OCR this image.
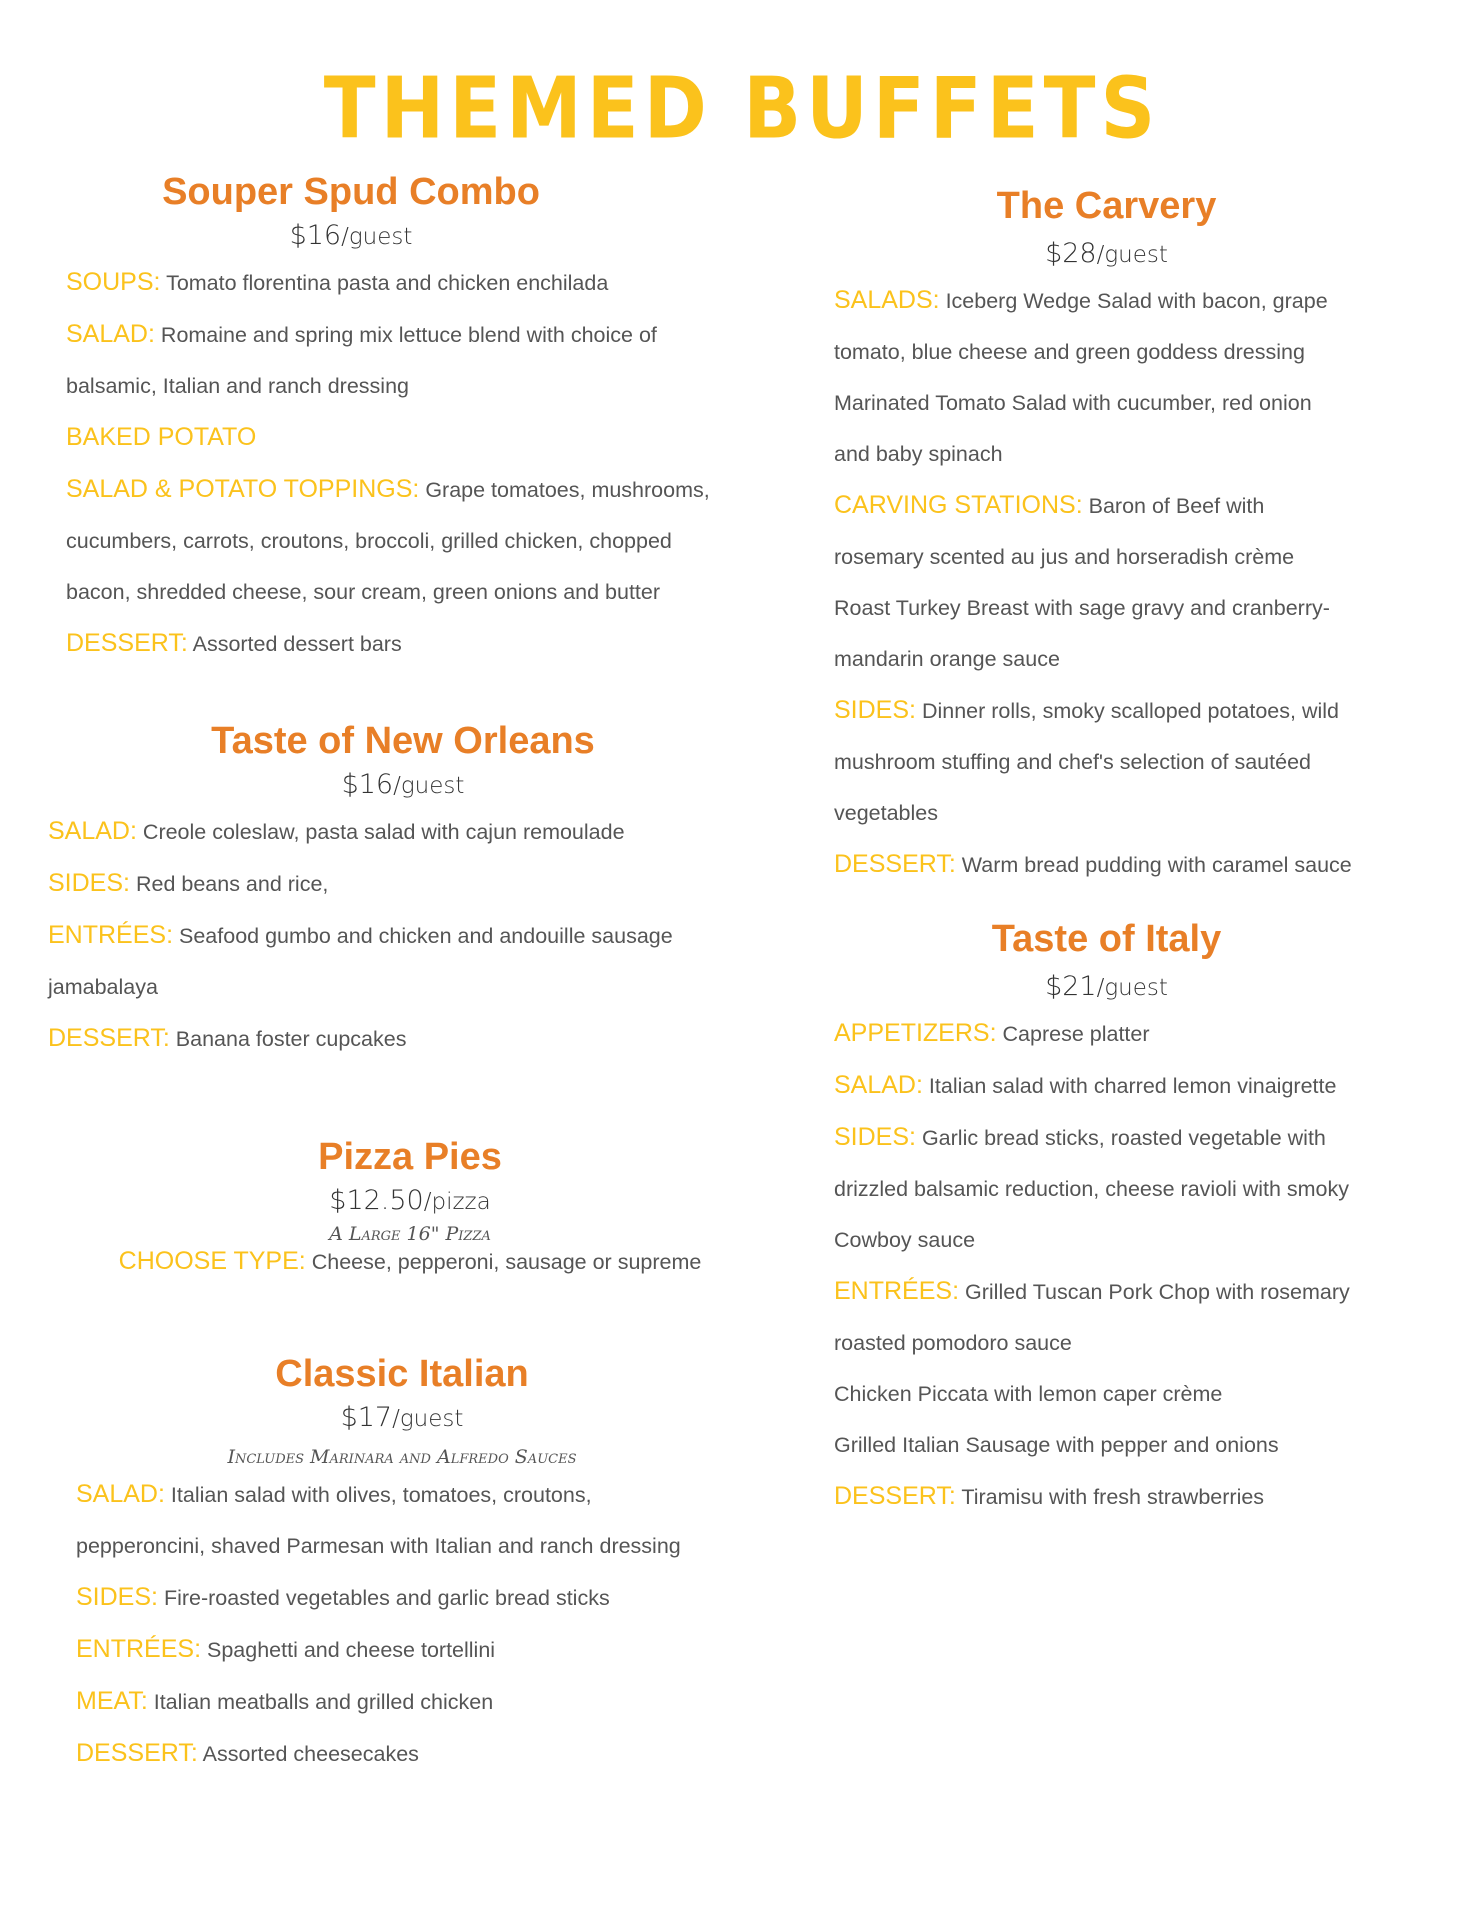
THEMED BUFFETS
Souper Spud Combo
$16/guest
SOUPS: Tomato florentina pasta and chicken enchilada
SALAD: Romaine and spring mix lettuce blend with choice of
balsamic, Italian and ranch dressing
BAKED POTATO
SALAD & POTATO TOPPINGS: Grape tomatoes, mushrooms,
cucumbers, carrots, croutons, broccoli, grilled chicken, chopped
bacon, shredded cheese, sour cream, green onions and butter
DESSERT: Assorted dessert bars
Taste of New Orleans
$16/guest
SALAD: Creole coleslaw, pasta salad with cajun remoulade
SIDES: Red beans and rice,
ENTRÉES: Seafood gumbo and chicken and andouille sausage
jamabalaya
DESSERT: Banana foster cupcakes
Pizza Pies
$12.50/pizza
A Large 16" Pizza
CHOOSE TYPE: Cheese, pepperoni, sausage or supreme
Classic Italian
$17/guest
Includes Marinara and Alfredo Sauces
SALAD: Italian salad with olives, tomatoes, croutons,
pepperoncini, shaved Parmesan with Italian and ranch dressing
SIDES: Fire-roasted vegetables and garlic bread sticks
ENTRÉES: Spaghetti and cheese tortellini
MEAT: Italian meatballs and grilled chicken
DESSERT: Assorted cheesecakes
The Carvery
$28/guest
SALADS: Iceberg Wedge Salad with bacon, grape
tomato, blue cheese and green goddess dressing
Marinated Tomato Salad with cucumber, red onion
and baby spinach
CARVING STATIONS: Baron of Beef with
rosemary scented au jus and horseradish crème
Roast Turkey Breast with sage gravy and cranberry-
mandarin orange sauce
SIDES: Dinner rolls, smoky scalloped potatoes, wild
mushroom stuffing and chef's selection of sautéed
vegetables
DESSERT: Warm bread pudding with caramel sauce
Taste of Italy
$21/guest
APPETIZERS: Caprese platter
SALAD: Italian salad with charred lemon vinaigrette
SIDES: Garlic bread sticks, roasted vegetable with
drizzled balsamic reduction, cheese ravioli with smoky
Cowboy sauce
ENTRÉES: Grilled Tuscan Pork Chop with rosemary
roasted pomodoro sauce
Chicken Piccata with lemon caper crème
Grilled Italian Sausage with pepper and onions
DESSERT: Tiramisu with fresh strawberries
